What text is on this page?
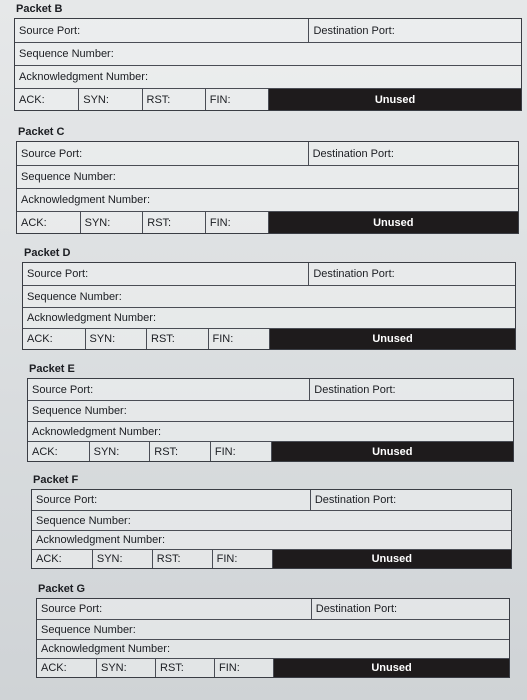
Packet B
Source Port:	Destination Port:
Sequence Number:
Acknowledgment Number:
ACK:	SYN:	RST:	FIN:	Unused
Packet C
Source Port:	Destination Port:
Sequence Number:
Acknowledgment Number:
ACK:	SYN:	RST:	FIN:	Unused
Packet D
Source Port:	Destination Port:
Sequence Number:
Acknowledgment Number:
ACK:	SYN:	RST:	FIN:	Unused
Packet E
Source Port:	Destination Port:
Sequence Number:
Acknowledgment Number:
ACK:	SYN:	RST:	FIN:	Unused
Packet F
Source Port:	Destination Port:
Sequence Number:
Acknowledgment Number:
ACK:	SYN:	RST:	FIN:	Unused
Packet G
Source Port:	Destination Port:
Sequence Number:
Acknowledgment Number:
ACK:	SYN:	RST:	FIN:	Unused
